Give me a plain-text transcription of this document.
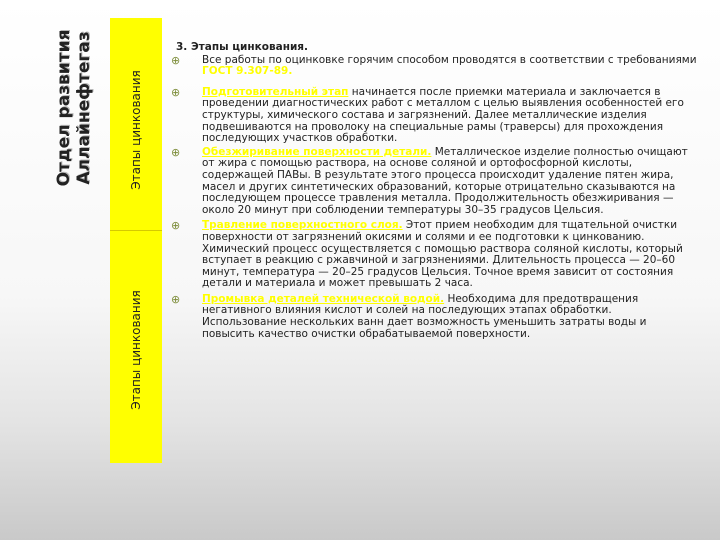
Отдел развития Аллайнефтегаз	Этапы цинкования
Этапы цинкования
3. Этапы цинкования.
⊕ Все работы по оцинковке горячим способом проводятся в соответствии с требованиями ГОСТ 9.307-89.
⊕ Подготовительный этап начинается после приемки материала и заключается в проведении диагностических работ с металлом с целью выявления особенностей его структуры, химического состава и загрязнений. Далее металлические изделия подвешиваются на проволоку на специальные рамы (траверсы) для прохождения последующих участков обработки.
⊕ Обезжиривание поверхности детали. Металлическое изделие полностью очищают от жира с помощью раствора, на основе соляной и ортофосфорной кислоты, содержащей ПАВы. В результате этого процесса происходит удаление пятен жира, масел и других синтетических образований, которые отрицательно сказываются на последующем процессе травления металла. Продолжительность обезжиривания — около 20 минут при соблюдении температуры 30–35 градусов Цельсия.
⊕ Травление поверхностного слоя. Этот прием необходим для тщательной очистки поверхности от загрязнений окисями и солями и ее подготовки к цинкованию. Химический процесс осуществляется с помощью раствора соляной кислоты, который вступает в реакцию с ржавчиной и загрязнениями. Длительность процесса — 20–60 минут, температура — 20–25 градусов Цельсия. Точное время зависит от состояния детали и материала и может превышать 2 часа.
⊕ Промывка деталей технической водой. Необходима для предотвращения негативного влияния кислот и солей на последующих этапах обработки. Использование нескольких ванн дает возможность уменьшить затраты воды и повысить качество очистки обрабатываемой поверхности.
